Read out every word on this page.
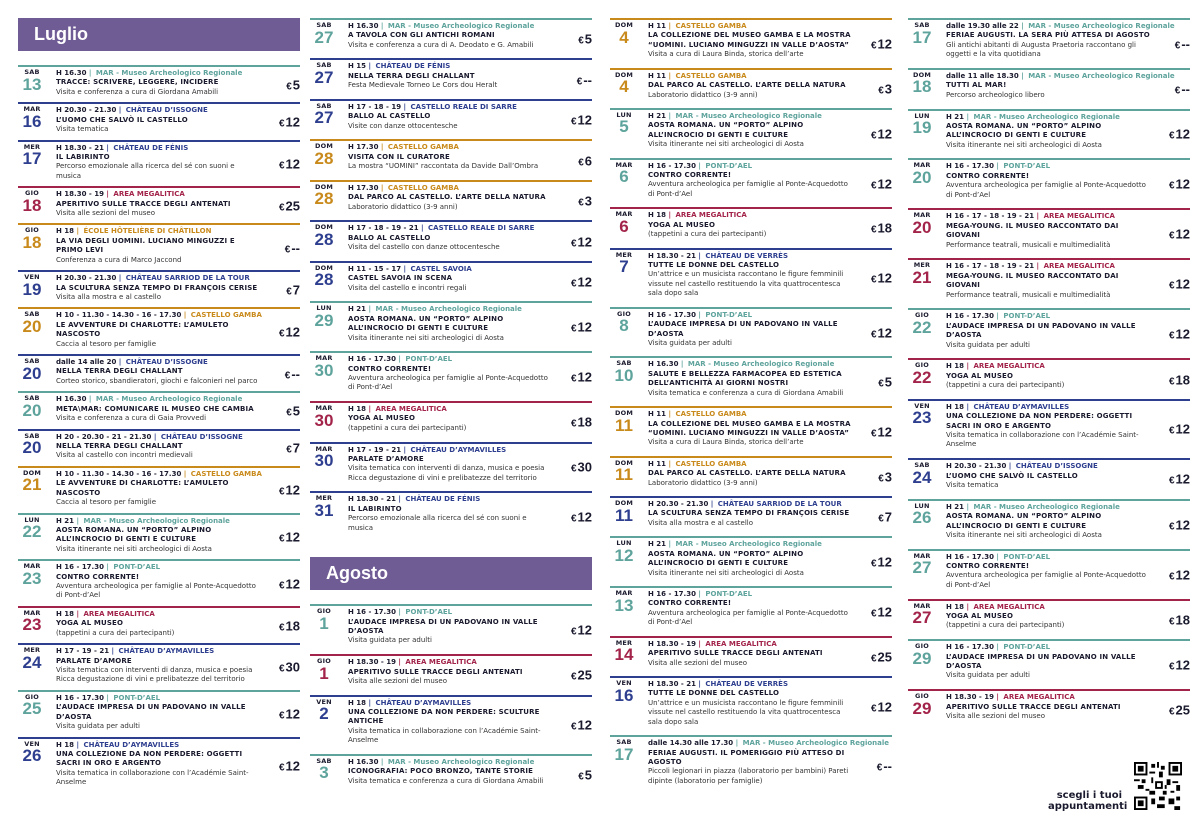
Luglio
SAB
13
H 16.30 | MAR - Museo Archeologico Regionale
TRACCE: SCRIVERE, LEGGERE, INCIDERE
Visita e conferenza a cura di Giordana Amabili	€5
MAR
16
H 20.30 - 21.30 | CHÂTEAU D’ISSOGNE
L’UOMO CHE SALVÒ IL CASTELLO
Visita tematica	€12
MER
17
H 18.30 - 21 | CHÂTEAU DE FÉNIS
IL LABIRINTO
Percorso emozionale alla ricerca del sé con suoni e musica
€12
GIO
18
H 18.30 - 19 | AREA MEGALITICA
APERITIVO SULLE TRACCE DEGLI ANTENATI
Visita alle sezioni del museo	€25
GIO
18
H 18 | ÉCOLE HÔTELIÈRE DI CHÂTILLON
LA VIA DEGLI UOMINI. LUCIANO MINGUZZI E PRIMO LEVI
Conferenza a cura di Marco Jaccond
€--
VEN
19
H 20.30 - 21.30 | CHÂTEAU SARRIOD DE LA TOUR
LA SCULTURA SENZA TEMPO DI FRANÇOIS CERISE
Visita alla mostra e al castello	€7
SAB
20
H 10 - 11.30 - 14.30 - 16 - 17.30 | CASTELLO GAMBA
LE AVVENTURE DI CHARLOTTE: L’AMULETO NASCOSTO
Caccia al tesoro per famiglie
€12
SAB
20
dalle 14 alle 20 | CHÂTEAU D’ISSOGNE
NELLA TERRA DEGLI CHALLANT
Corteo storico, sbandieratori, giochi e falconieri nel parco	€--
SAB
20
H 16.30 | MAR - Museo Archeologico Regionale
META\MAR: COMUNICARE IL MUSEO CHE CAMBIA
Visita e conferenza a cura di Gaia Provvedi	€5
SAB
20
H 20 - 20.30 - 21 - 21.30 | CHÂTEAU D’ISSOGNE
NELLA TERRA DEGLI CHALLANT
Visita al castello con incontri medievali	€7
DOM
21
H 10 - 11.30 - 14.30 - 16 - 17.30 | CASTELLO GAMBA
LE AVVENTURE DI CHARLOTTE: L’AMULETO NASCOSTO
Caccia al tesoro per famiglie
€12
LUN
22
H 21 | MAR - Museo Archeologico Regionale
AOSTA ROMANA. UN “PORTO” ALPINO ALL’INCROCIO DI GENTI E CULTURE
Visita itinerante nei siti archeologici di Aosta
€12
MAR
23
H 16 - 17.30 | PONT-D’AEL
CONTRO CORRENTE!
Avventura archeologica per famiglie al Ponte-Acquedotto di Pont-d’Ael
€12
MAR
23
H 18 | AREA MEGALITICA
YOGA AL MUSEO
(tappetini a cura dei partecipanti)	€18
MER
24
H 17 - 19 - 21 | CHÂTEAU D’AYMAVILLES
PARLATE D’AMORE
Visita tematica con interventi di danza, musica e poesia Ricca degustazione di vini e prelibatezze del territorio
€30
GIO
25
H 16 - 17.30 | PONT-D’AEL
L’AUDACE IMPRESA DI UN PADOVANO IN VALLE D’AOSTA
Visita guidata per adulti
€12
VEN
26
H 18 | CHÂTEAU D’AYMAVILLES
UNA COLLEZIONE DA NON PERDERE: OGGETTI SACRI IN ORO E ARGENTO
Visita tematica in collaborazione con l’Académie Saint-Anselme
€12
SAB
27
H 16.30 | MAR - Museo Archeologico Regionale
A TAVOLA CON GLI ANTICHI ROMANI
Visita e conferenza a cura di A. Deodato e G. Amabili	€5
SAB
27
H 15 | CHÂTEAU DE FÉNIS
NELLA TERRA DEGLI CHALLANT
Festa Medievale Torneo Le Cors dou Heralt	€--
SAB
27
H 17 - 18 - 19 | CASTELLO REALE DI SARRE
BALLO AL CASTELLO
Visite con danze ottocentesche	€12
DOM
28
H 17.30 | CASTELLO GAMBA
VISITA CON IL CURATORE
La mostra “UOMINI” raccontata da Davide Dall’Ombra	€6
DOM
28
H 17.30 | CASTELLO GAMBA
DAL PARCO AL CASTELLO. L’ARTE DELLA NATURA
Laboratorio didattico (3-9 anni)	€3
DOM
28
H 17 - 18 - 19 - 21 | CASTELLO REALE DI SARRE
BALLO AL CASTELLO
Visita del castello con danze ottocentesche	€12
DOM
28
H 11 - 15 - 17 | CASTEL SAVOIA
CASTEL SAVOIA IN SCENA
Visita del castello e incontri regali	€12
LUN
29
H 21 | MAR - Museo Archeologico Regionale
AOSTA ROMANA. UN “PORTO” ALPINO ALL’INCROCIO DI GENTI E CULTURE
Visita itinerante nei siti archeologici di Aosta
€12
MAR
30
H 16 - 17.30 | PONT-D’AEL
CONTRO CORRENTE!
Avventura archeologica per famiglie al Ponte-Acquedotto di Pont-d’Ael
€12
MAR
30
H 18 | AREA MEGALITICA
YOGA AL MUSEO
(tappetini a cura dei partecipanti)	€18
MAR
30
H 17 - 19 - 21 | CHÂTEAU D’AYMAVILLES
PARLATE D’AMORE
Visita tematica con interventi di danza, musica e poesia Ricca degustazione di vini e prelibatezze del territorio
€30
MER
31
H 18.30 - 21 | CHÂTEAU DE FÉNIS
IL LABIRINTO
Percorso emozionale alla ricerca del sé con suoni e musica
€12
Agosto
GIO
1
H 16 - 17.30 | PONT-D’AEL
L’AUDACE IMPRESA DI UN PADOVANO IN VALLE D’AOSTA
Visita guidata per adulti
€12
GIO
1
H 18.30 - 19 | AREA MEGALITICA
APERITIVO SULLE TRACCE DEGLI ANTENATI
Visita alle sezioni del museo	€25
VEN
2
H 18 | CHÂTEAU D’AYMAVILLES
UNA COLLEZIONE DA NON PERDERE: SCULTURE ANTICHE
Visita tematica in collaborazione con l’Académie Saint-Anselme
€12
SAB
3
H 16.30 | MAR - Museo Archeologico Regionale
ICONOGRAFIA: POCO BRONZO, TANTE STORIE
Visita tematica e conferenza a cura di Giordana Amabili	€5
DOM
4
H 11 | CASTELLO GAMBA
LA COLLEZIONE DEL MUSEO GAMBA E LA MOSTRA “UOMINI. LUCIANO MINGUZZI IN VALLE D’AOSTA”
Visita a cura di Laura Binda, storica dell’arte
€12
DOM
4
H 11 | CASTELLO GAMBA
DAL PARCO AL CASTELLO. L’ARTE DELLA NATURA
Laboratorio didattico (3-9 anni)	€3
LUN
5
H 21 | MAR - Museo Archeologico Regionale
AOSTA ROMANA. UN “PORTO” ALPINO ALL’INCROCIO DI GENTI E CULTURE
Visita itinerante nei siti archeologici di Aosta
€12
MAR
6
H 16 - 17.30 | PONT-D’AEL
CONTRO CORRENTE!
Avventura archeologica per famiglie al Ponte-Acquedotto di Pont-d’Ael
€12
MAR
6
H 18 | AREA MEGALITICA
YOGA AL MUSEO
(tappetini a cura dei partecipanti)	€18
MER
7
H 18.30 - 21 | CHÂTEAU DE VERRÈS
TUTTE LE DONNE DEL CASTELLO
Un’attrice e un musicista raccontano le figure femminili vissute nel castello restituendo la vita quattrocentesca sala dopo sala
€12
GIO
8
H 16 - 17.30 | PONT-D’AEL
L’AUDACE IMPRESA DI UN PADOVANO IN VALLE D’AOSTA
Visita guidata per adulti
€12
SAB
10
H 16.30 | MAR - Museo Archeologico Regionale
SALUTE E BELLEZZA FARMACOPEA ED ESTETICA DELL’ANTICHITÀ AI GIORNI NOSTRI
Visita tematica e conferenza a cura di Giordana Amabili
€5
DOM
11
H 11 | CASTELLO GAMBA
LA COLLEZIONE DEL MUSEO GAMBA E LA MOSTRA “UOMINI. LUCIANO MINGUZZI IN VALLE D’AOSTA”
Visita a cura di Laura Binda, storica dell’arte
€12
DOM
11
H 11 | CASTELLO GAMBA
DAL PARCO AL CASTELLO. L’ARTE DELLA NATURA
Laboratorio didattico (3-9 anni)	€3
DOM
11
H 20.30 - 21.30 | CHÂTEAU SARRIOD DE LA TOUR
LA SCULTURA SENZA TEMPO DI FRANÇOIS CERISE
Visita alla mostra e al castello	€7
LUN
12
H 21 | MAR - Museo Archeologico Regionale
AOSTA ROMANA. UN “PORTO” ALPINO ALL’INCROCIO DI GENTI E CULTURE
Visita itinerante nei siti archeologici di Aosta
€12
MAR
13
H 16 - 17.30 | PONT-D’AEL
CONTRO CORRENTE!
Avventura archeologica per famiglie al Ponte-Acquedotto di Pont-d’Ael
€12
MER
14
H 18.30 - 19 | AREA MEGALITICA
APERITIVO SULLE TRACCE DEGLI ANTENATI
Visita alle sezioni del museo	€25
VEN
16
H 18.30 - 21 | CHÂTEAU DE VERRÈS
TUTTE LE DONNE DEL CASTELLO
Un’attrice e un musicista raccontano le figure femminili vissute nel castello restituendo la vita quattrocentesca sala dopo sala
€12
SAB
17
dalle 14.30 alle 17.30 | MAR - Museo Archeologico Regionale
FERIAE AUGUSTI. IL POMERIGGIO PIÙ ATTESO DI AGOSTO
Piccoli legionari in piazza (laboratorio per bambini) Pareti dipinte (laboratorio per famiglie)
€--
SAB
17
dalle 19.30 alle 22 | MAR - Museo Archeologico Regionale
FERIAE AUGUSTI. LA SERA PIÙ ATTESA DI AGOSTO
Gli antichi abitanti di Augusta Praetoria raccontano gli oggetti e la vita quotidiana
€--
DOM
18
dalle 11 alle 18.30 | MAR - Museo Archeologico Regionale
TUTTI AL MAR!
Percorso archeologico libero	€--
LUN
19
H 21 | MAR - Museo Archeologico Regionale
AOSTA ROMANA. UN “PORTO” ALPINO ALL’INCROCIO DI GENTI E CULTURE
Visita itinerante nei siti archeologici di Aosta
€12
MAR
20
H 16 - 17.30 | PONT-D’AEL
CONTRO CORRENTE!
Avventura archeologica per famiglie al Ponte-Acquedotto di Pont-d’Ael
€12
MAR
20
H 16 - 17 - 18 - 19 - 21 | AREA MEGALITICA
MEGA-YOUNG. IL MUSEO RACCONTATO DAI GIOVANI
Performance teatrali, musicali e multimedialità
€12
MER
21
H 16 - 17 - 18 - 19 - 21 | AREA MEGALITICA
MEGA-YOUNG. IL MUSEO RACCONTATO DAI GIOVANI
Performance teatrali, musicali e multimedialità
€12
GIO
22
H 16 - 17.30 | PONT-D’AEL
L’AUDACE IMPRESA DI UN PADOVANO IN VALLE D’AOSTA
Visita guidata per adulti
€12
GIO
22
H 18 | AREA MEGALITICA
YOGA AL MUSEO
(tappetini a cura dei partecipanti)	€18
VEN
23
H 18 | CHÂTEAU D’AYMAVILLES
UNA COLLEZIONE DA NON PERDERE: OGGETTI SACRI IN ORO E ARGENTO
Visita tematica in collaborazione con l’Académie Saint-Anselme
€12
SAB
24
H 20.30 - 21.30 | CHÂTEAU D’ISSOGNE
L’UOMO CHE SALVÒ IL CASTELLO
Visita tematica	€12
LUN
26
H 21 | MAR - Museo Archeologico Regionale
AOSTA ROMANA. UN “PORTO” ALPINO ALL’INCROCIO DI GENTI E CULTURE
Visita itinerante nei siti archeologici di Aosta
€12
MAR
27
H 16 - 17.30 | PONT-D’AEL
CONTRO CORRENTE!
Avventura archeologica per famiglie al Ponte-Acquedotto di Pont-d’Ael
€12
MAR
27
H 18 | AREA MEGALITICA
YOGA AL MUSEO
(tappetini a cura dei partecipanti)	€18
GIO
29
H 16 - 17.30 | PONT-D’AEL
L’AUDACE IMPRESA DI UN PADOVANO IN VALLE D’AOSTA
Visita guidata per adulti
€12
GIO
29
H 18.30 - 19 | AREA MEGALITICA
APERITIVO SULLE TRACCE DEGLI ANTENATI
Visita alle sezioni del museo	€25
scegli i tuoi appuntamenti
